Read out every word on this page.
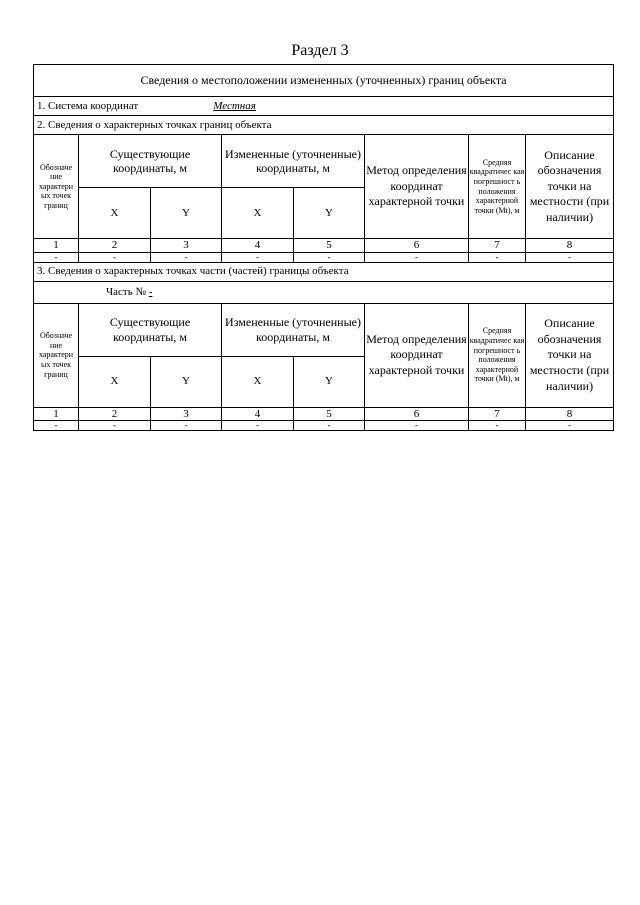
Раздел 3
Сведения о местоположении измененных (уточненных) границ объекта							
1. Система координат Местная							
2. Сведения о характерных точках границ объекта							
Обозначе ние характерн ых точек границ	Существующие координаты, м		Измененные (уточненные) координаты, м		Метод определения координат характерной точки	Средняя квадратичес кая погрешност ь положения характерной точки (Mt), м	Описание обозначения точки на местности (при наличии)
	X	Y	X	Y			
1	2	3	4	5	6	7	8
-	-	-	-	-	-	-	-
3. Сведения о характерных точках части (частей) границы объекта							
Часть № -							
Обозначе ние характерн ых точек границ	Существующие координаты, м		Измененные (уточненные) координаты, м		Метод определения координат характерной точки	Средняя квадратичес кая погрешност ь положения характерной точки (Mt), м	Описание обозначения точки на местности (при наличии)
	X	Y	X	Y			
1	2	3	4	5	6	7	8
-	-	-	-	-	-	-	-
